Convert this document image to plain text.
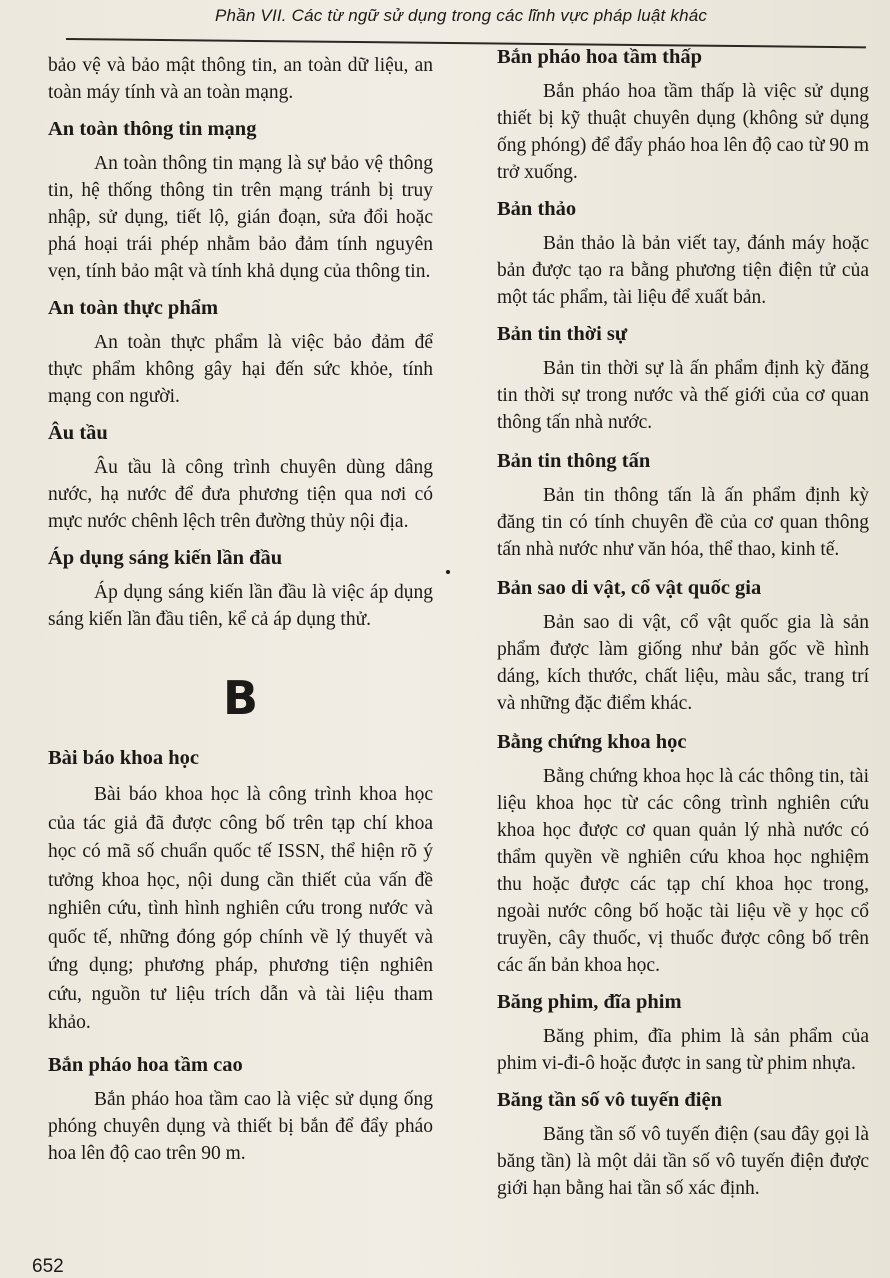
Phần VII. Các từ ngữ sử dụng trong các lĩnh vực pháp luật khác

bảo vệ và bảo mật thông tin, an toàn dữ liệu, an toàn máy tính và an toàn mạng.

An toàn thông tin mạng

An toàn thông tin mạng là sự bảo vệ thông tin, hệ thống thông tin trên mạng tránh bị truy nhập, sử dụng, tiết lộ, gián đoạn, sửa đổi hoặc phá hoại trái phép nhằm bảo đảm tính nguyên vẹn, tính bảo mật và tính khả dụng của thông tin.

An toàn thực phẩm

An toàn thực phẩm là việc bảo đảm để thực phẩm không gây hại đến sức khỏe, tính mạng con người.

Âu tầu

Âu tầu là công trình chuyên dùng dâng nước, hạ nước để đưa phương tiện qua nơi có mực nước chênh lệch trên đường thủy nội địa.

Áp dụng sáng kiến lần đầu

Áp dụng sáng kiến lần đầu là việc áp dụng sáng kiến lần đầu tiên, kể cả áp dụng thử.

B
Bài báo khoa học

Bài báo khoa học là công trình khoa học của tác giả đã được công bố trên tạp chí khoa học có mã số chuẩn quốc tế ISSN, thể hiện rõ ý tưởng khoa học, nội dung cần thiết của vấn đề nghiên cứu, tình hình nghiên cứu trong nước và quốc tế, những đóng góp chính về lý thuyết và ứng dụng; phương pháp, phương tiện nghiên cứu, nguồn tư liệu trích dẫn và tài liệu tham khảo.

Bắn pháo hoa tầm cao

Bắn pháo hoa tầm cao là việc sử dụng ống phóng chuyên dụng và thiết bị bắn để đẩy pháo hoa lên độ cao trên 90 m.

Bắn pháo hoa tầm thấp

Bắn pháo hoa tầm thấp là việc sử dụng thiết bị kỹ thuật chuyên dụng (không sử dụng ống phóng) để đẩy pháo hoa lên độ cao từ 90 m trở xuống.

Bản thảo

Bản thảo là bản viết tay, đánh máy hoặc bản được tạo ra bằng phương tiện điện tử của một tác phẩm, tài liệu để xuất bản.

Bản tin thời sự

Bản tin thời sự là ấn phẩm định kỳ đăng tin thời sự trong nước và thế giới của cơ quan thông tấn nhà nước.

Bản tin thông tấn

Bản tin thông tấn là ấn phẩm định kỳ đăng tin có tính chuyên đề của cơ quan thông tấn nhà nước như văn hóa, thể thao, kinh tế.

Bản sao di vật, cổ vật quốc gia

Bản sao di vật, cổ vật quốc gia là sản phẩm được làm giống như bản gốc về hình dáng, kích thước, chất liệu, màu sắc, trang trí và những đặc điểm khác.

Bằng chứng khoa học

Bằng chứng khoa học là các thông tin, tài liệu khoa học từ các công trình nghiên cứu khoa học được cơ quan quản lý nhà nước có thẩm quyền về nghiên cứu khoa học nghiệm thu hoặc được các tạp chí khoa học trong, ngoài nước công bố hoặc tài liệu về y học cổ truyền, cây thuốc, vị thuốc được công bố trên các ấn bản khoa học.

Băng phim, đĩa phim

Băng phim, đĩa phim là sản phẩm của phim vi-đi-ô hoặc được in sang từ phim nhựa.

Băng tần số vô tuyến điện

Băng tần số vô tuyến điện (sau đây gọi là băng tần) là một dải tần số vô tuyến điện được giới hạn bằng hai tần số xác định.

652
